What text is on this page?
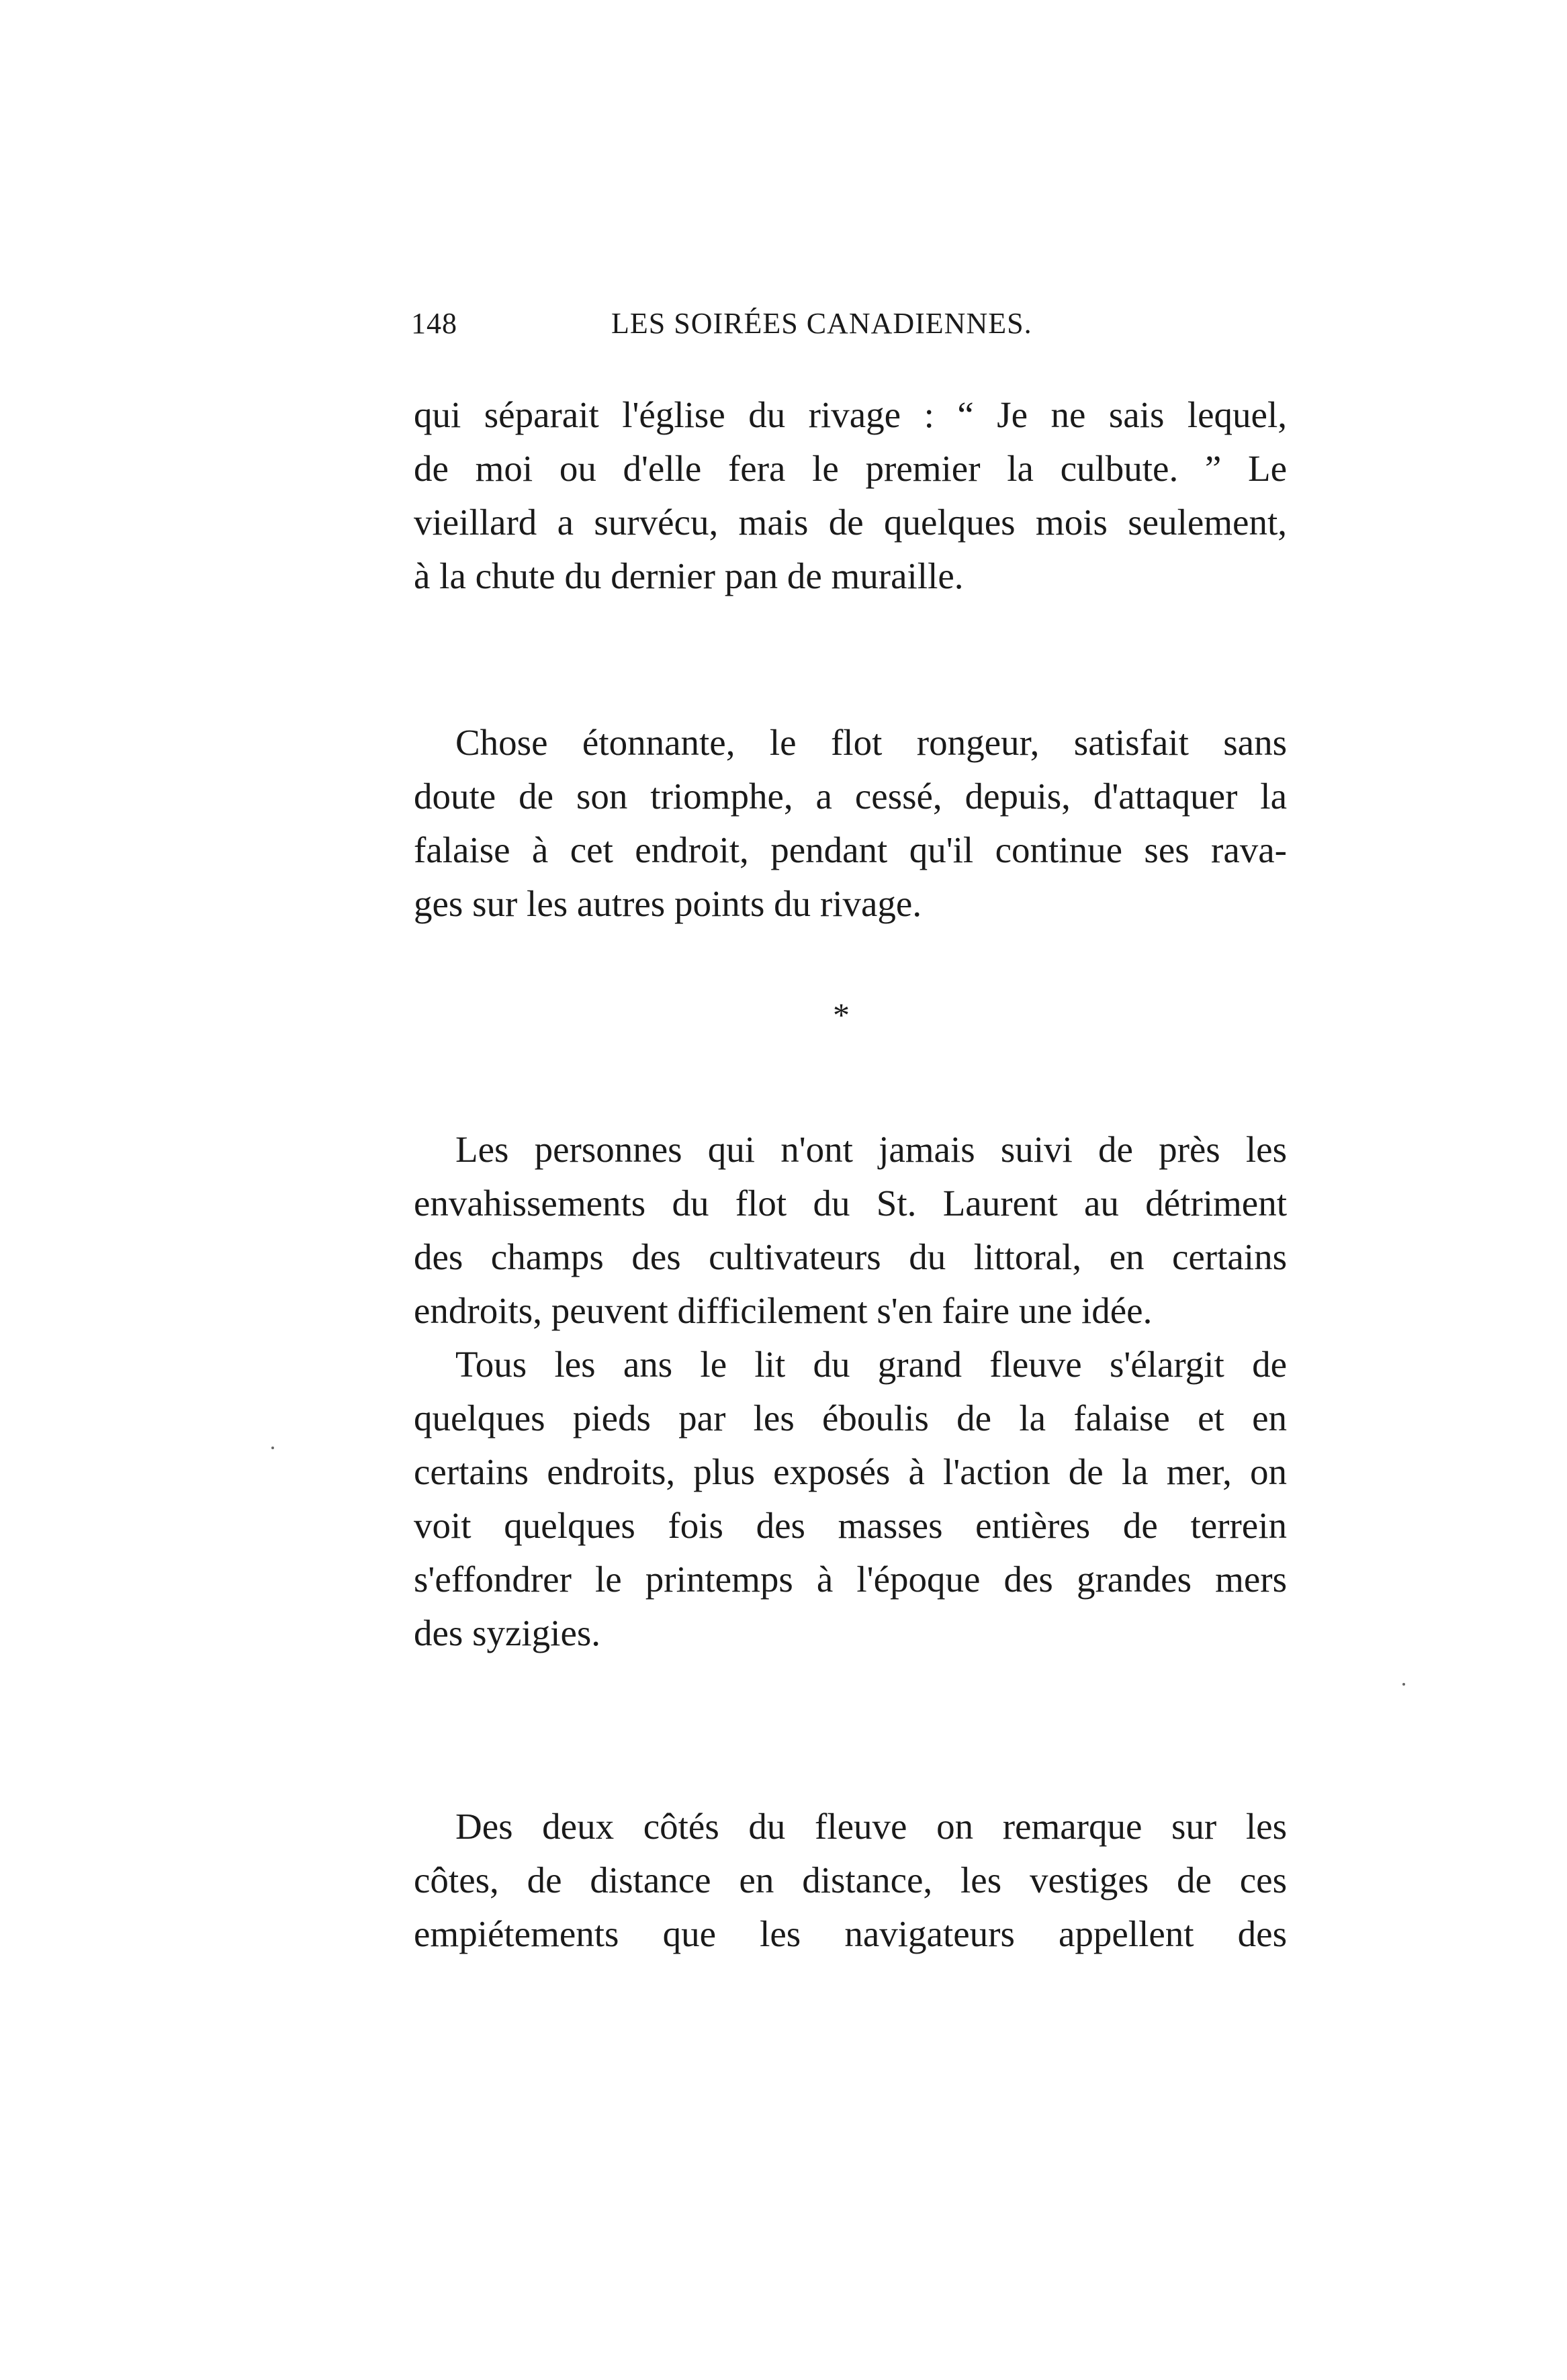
148	LES SOIRÉES CANADIENNES.
qui séparait l'église du rivage : “ Je ne sais lequel,
de moi ou d'elle fera le premier la culbute. ” Le
vieillard a survécu, mais de quelques mois seulement,
à la chute du dernier pan de muraille.
Chose étonnante, le flot rongeur, satisfait sans
doute de son triomphe, a cessé, depuis, d'attaquer la
falaise à cet endroit, pendant qu'il continue ses rava-
ges sur les autres points du rivage.
*
Les personnes qui n'ont jamais suivi de près les
envahissements du flot du St. Laurent au détriment
des champs des cultivateurs du littoral, en certains
endroits, peuvent difficilement s'en faire une idée.
Tous les ans le lit du grand fleuve s'élargit de
quelques pieds par les éboulis de la falaise et en
certains endroits, plus exposés à l'action de la mer, on
voit quelques fois des masses entières de terrein
s'effondrer le printemps à l'époque des grandes mers
des syzigies.
Des deux côtés du fleuve on remarque sur les
côtes, de distance en distance, les vestiges de ces
empiétements que les navigateurs appellent des
